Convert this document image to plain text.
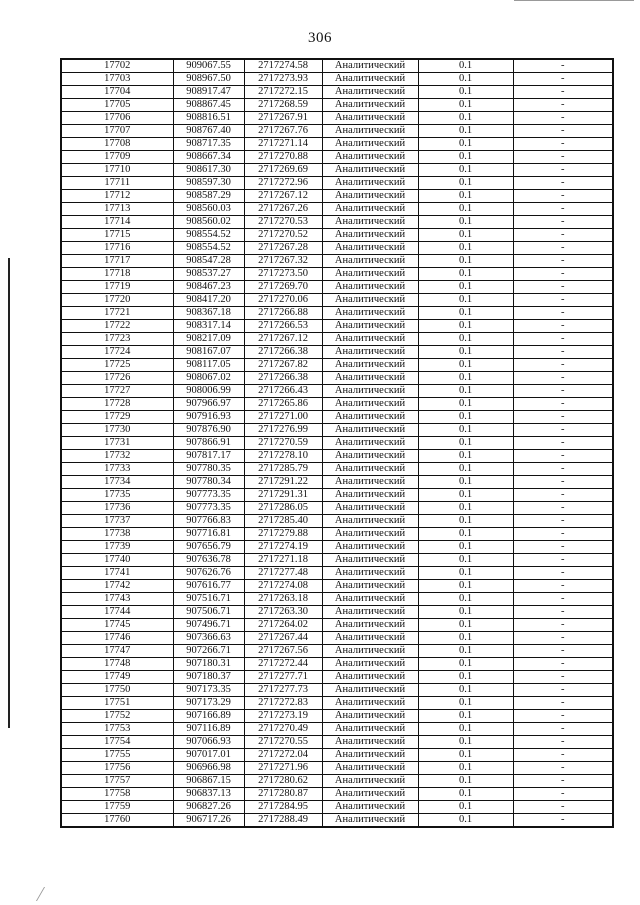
306
17702	909067.55	2717274.58	Аналитический	0.1	-
17703	908967.50	2717273.93	Аналитический	0.1	-
17704	908917.47	2717272.15	Аналитический	0.1	-
17705	908867.45	2717268.59	Аналитический	0.1	-
17706	908816.51	2717267.91	Аналитический	0.1	-
17707	908767.40	2717267.76	Аналитический	0.1	-
17708	908717.35	2717271.14	Аналитический	0.1	-
17709	908667.34	2717270.88	Аналитический	0.1	-
17710	908617.30	2717269.69	Аналитический	0.1	-
17711	908597.30	2717272.96	Аналитический	0.1	-
17712	908587.29	2717267.12	Аналитический	0.1	-
17713	908560.03	2717267.26	Аналитический	0.1	-
17714	908560.02	2717270.53	Аналитический	0.1	-
17715	908554.52	2717270.52	Аналитический	0.1	-
17716	908554.52	2717267.28	Аналитический	0.1	-
17717	908547.28	2717267.32	Аналитический	0.1	-
17718	908537.27	2717273.50	Аналитический	0.1	-
17719	908467.23	2717269.70	Аналитический	0.1	-
17720	908417.20	2717270.06	Аналитический	0.1	-
17721	908367.18	2717266.88	Аналитический	0.1	-
17722	908317.14	2717266.53	Аналитический	0.1	-
17723	908217.09	2717267.12	Аналитический	0.1	-
17724	908167.07	2717266.38	Аналитический	0.1	-
17725	908117.05	2717267.82	Аналитический	0.1	-
17726	908067.02	2717266.38	Аналитический	0.1	-
17727	908006.99	2717266.43	Аналитический	0.1	-
17728	907966.97	2717265.86	Аналитический	0.1	-
17729	907916.93	2717271.00	Аналитический	0.1	-
17730	907876.90	2717276.99	Аналитический	0.1	-
17731	907866.91	2717270.59	Аналитический	0.1	-
17732	907817.17	2717278.10	Аналитический	0.1	-
17733	907780.35	2717285.79	Аналитический	0.1	-
17734	907780.34	2717291.22	Аналитический	0.1	-
17735	907773.35	2717291.31	Аналитический	0.1	-
17736	907773.35	2717286.05	Аналитический	0.1	-
17737	907766.83	2717285.40	Аналитический	0.1	-
17738	907716.81	2717279.88	Аналитический	0.1	-
17739	907656.79	2717274.19	Аналитический	0.1	-
17740	907636.78	2717271.18	Аналитический	0.1	-
17741	907626.76	2717277.48	Аналитический	0.1	-
17742	907616.77	2717274.08	Аналитический	0.1	-
17743	907516.71	2717263.18	Аналитический	0.1	-
17744	907506.71	2717263.30	Аналитический	0.1	-
17745	907496.71	2717264.02	Аналитический	0.1	-
17746	907366.63	2717267.44	Аналитический	0.1	-
17747	907266.71	2717267.56	Аналитический	0.1	-
17748	907180.31	2717272.44	Аналитический	0.1	-
17749	907180.37	2717277.71	Аналитический	0.1	-
17750	907173.35	2717277.73	Аналитический	0.1	-
17751	907173.29	2717272.83	Аналитический	0.1	-
17752	907166.89	2717273.19	Аналитический	0.1	-
17753	907116.89	2717270.49	Аналитический	0.1	-
17754	907066.93	2717270.55	Аналитический	0.1	-
17755	907017.01	2717272.04	Аналитический	0.1	-
17756	906966.98	2717271.96	Аналитический	0.1	-
17757	906867.15	2717280.62	Аналитический	0.1	-
17758	906837.13	2717280.87	Аналитический	0.1	-
17759	906827.26	2717284.95	Аналитический	0.1	-
17760	906717.26	2717288.49	Аналитический	0.1	-
